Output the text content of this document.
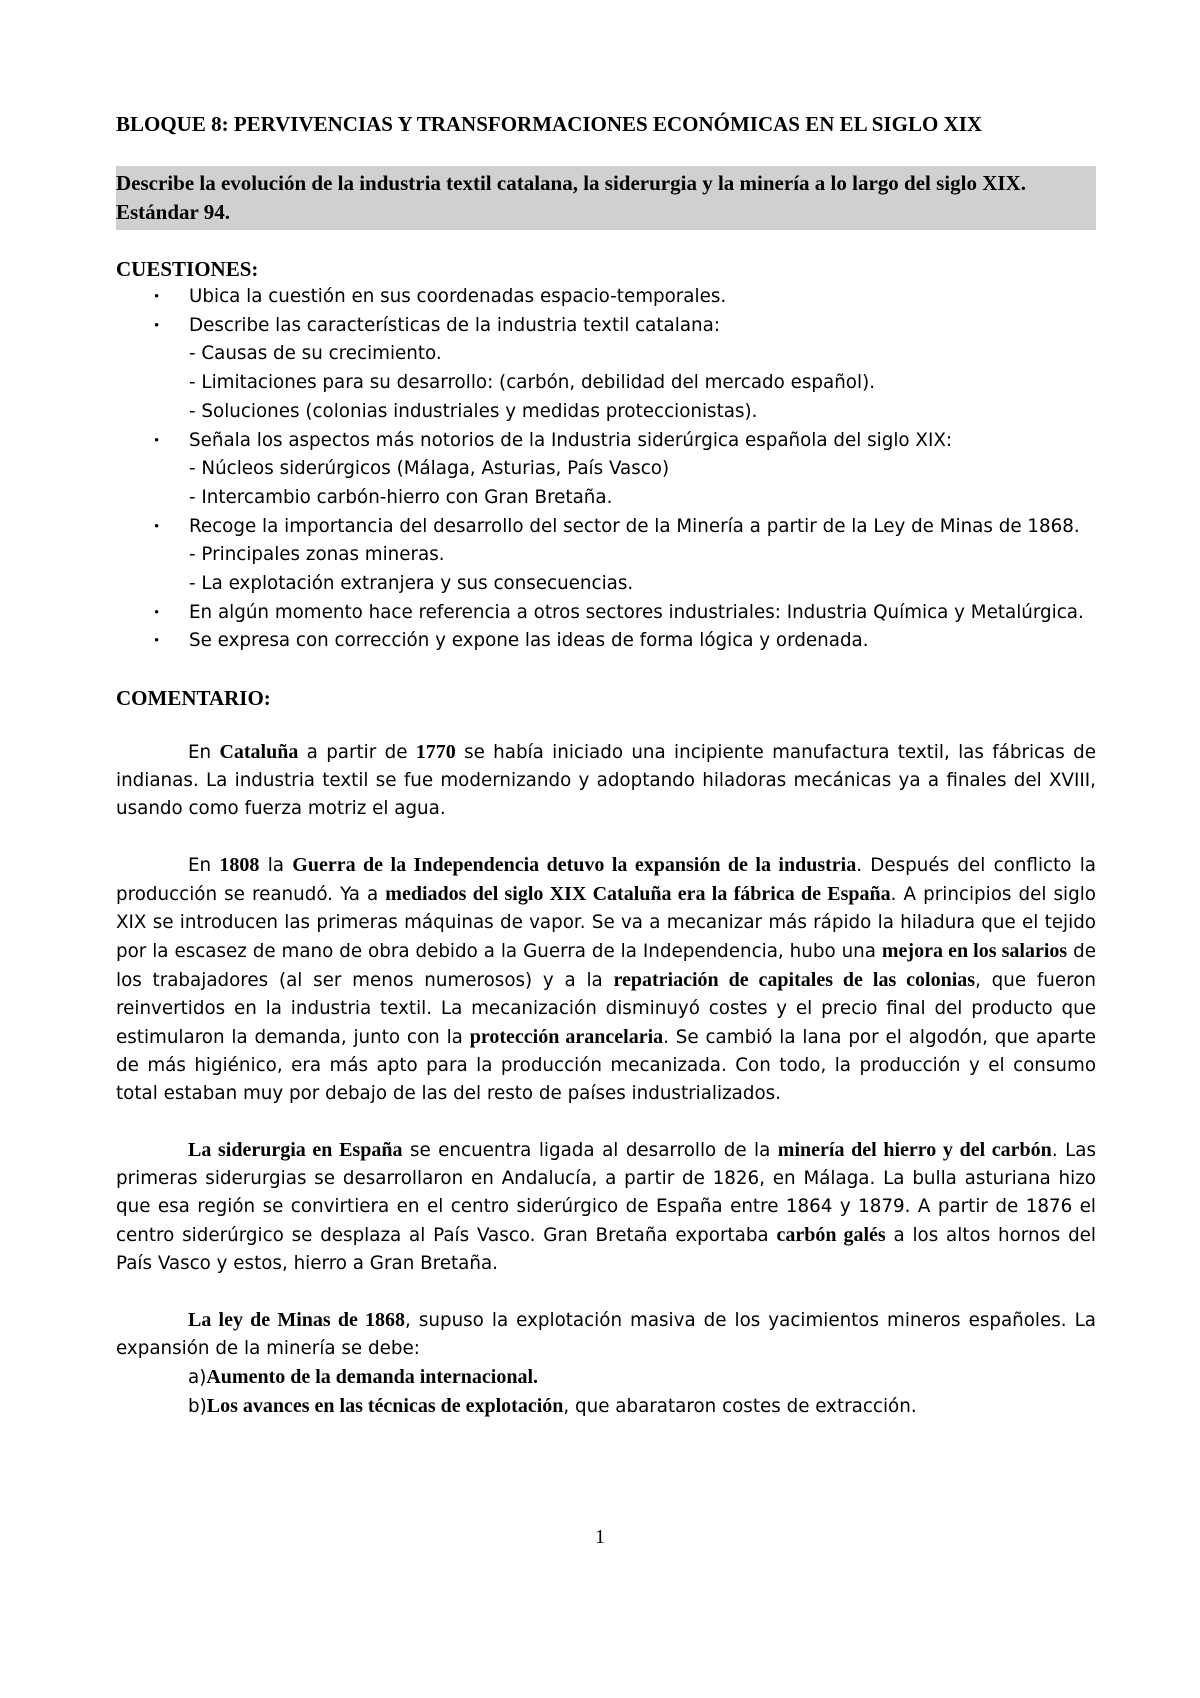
BLOQUE 8: PERVIVENCIAS Y TRANSFORMACIONES ECONÓMICAS EN EL SIGLO XIX
Describe la evolución de la industria textil catalana, la siderurgia y la minería a lo largo del siglo XIX. Estándar 94.
CUESTIONES:
• Ubica la cuestión en sus coordenadas espacio-temporales.
• Describe las características de la industria textil catalana:
- Causas de su crecimiento.
- Limitaciones para su desarrollo: (carbón, debilidad del mercado español).
- Soluciones (colonias industriales y medidas proteccionistas).
• Señala los aspectos más notorios de la Industria siderúrgica española del siglo XIX:
- Núcleos siderúrgicos (Málaga, Asturias, País Vasco)
- Intercambio carbón-hierro con Gran Bretaña.
• Recoge la importancia del desarrollo del sector de la Minería a partir de la Ley de Minas de 1868.
- Principales zonas mineras.
- La explotación extranjera y sus consecuencias.
• En algún momento hace referencia a otros sectores industriales: Industria Química y Metalúrgica.
• Se expresa con corrección y expone las ideas de forma lógica y ordenada.
COMENTARIO:

En Cataluña a partir de 1770 se había iniciado una incipiente manufactura textil, las fábricas de indianas. La industria textil se fue modernizando y adoptando hiladoras mecánicas ya a finales del XVIII, usando como fuerza motriz el agua.

En 1808 la Guerra de la Independencia detuvo la expansión de la industria. Después del conflicto la producción se reanudó. Ya a mediados del siglo XIX Cataluña era la fábrica de España. A principios del siglo XIX se introducen las primeras máquinas de vapor. Se va a mecanizar más rápido la hiladura que el tejido por la escasez de mano de obra debido a la Guerra de la Independencia, hubo una mejora en los salarios de los trabajadores (al ser menos numerosos) y a la repatriación de capitales de las colonias, que fueron reinvertidos en la industria textil. La mecanización disminuyó costes y el precio final del producto que estimularon la demanda, junto con la protección arancelaria. Se cambió la lana por el algodón, que aparte de más higiénico, era más apto para la producción mecanizada. Con todo, la producción y el consumo total estaban muy por debajo de las del resto de países industrializados.

La siderurgia en España se encuentra ligada al desarrollo de la minería del hierro y del carbón. Las primeras siderurgias se desarrollaron en Andalucía, a partir de 1826, en Málaga. La bulla asturiana hizo que esa región se convirtiera en el centro siderúrgico de España entre 1864 y 1879. A partir de 1876 el centro siderúrgico se desplaza al País Vasco. Gran Bretaña exportaba carbón galés a los altos hornos del País Vasco y estos, hierro a Gran Bretaña.

La ley de Minas de 1868, supuso la explotación masiva de los yacimientos mineros españoles. La expansión de la minería se debe:

a)Aumento de la demanda internacional.
b)Los avances en las técnicas de explotación, que abarataron costes de extracción.
1
